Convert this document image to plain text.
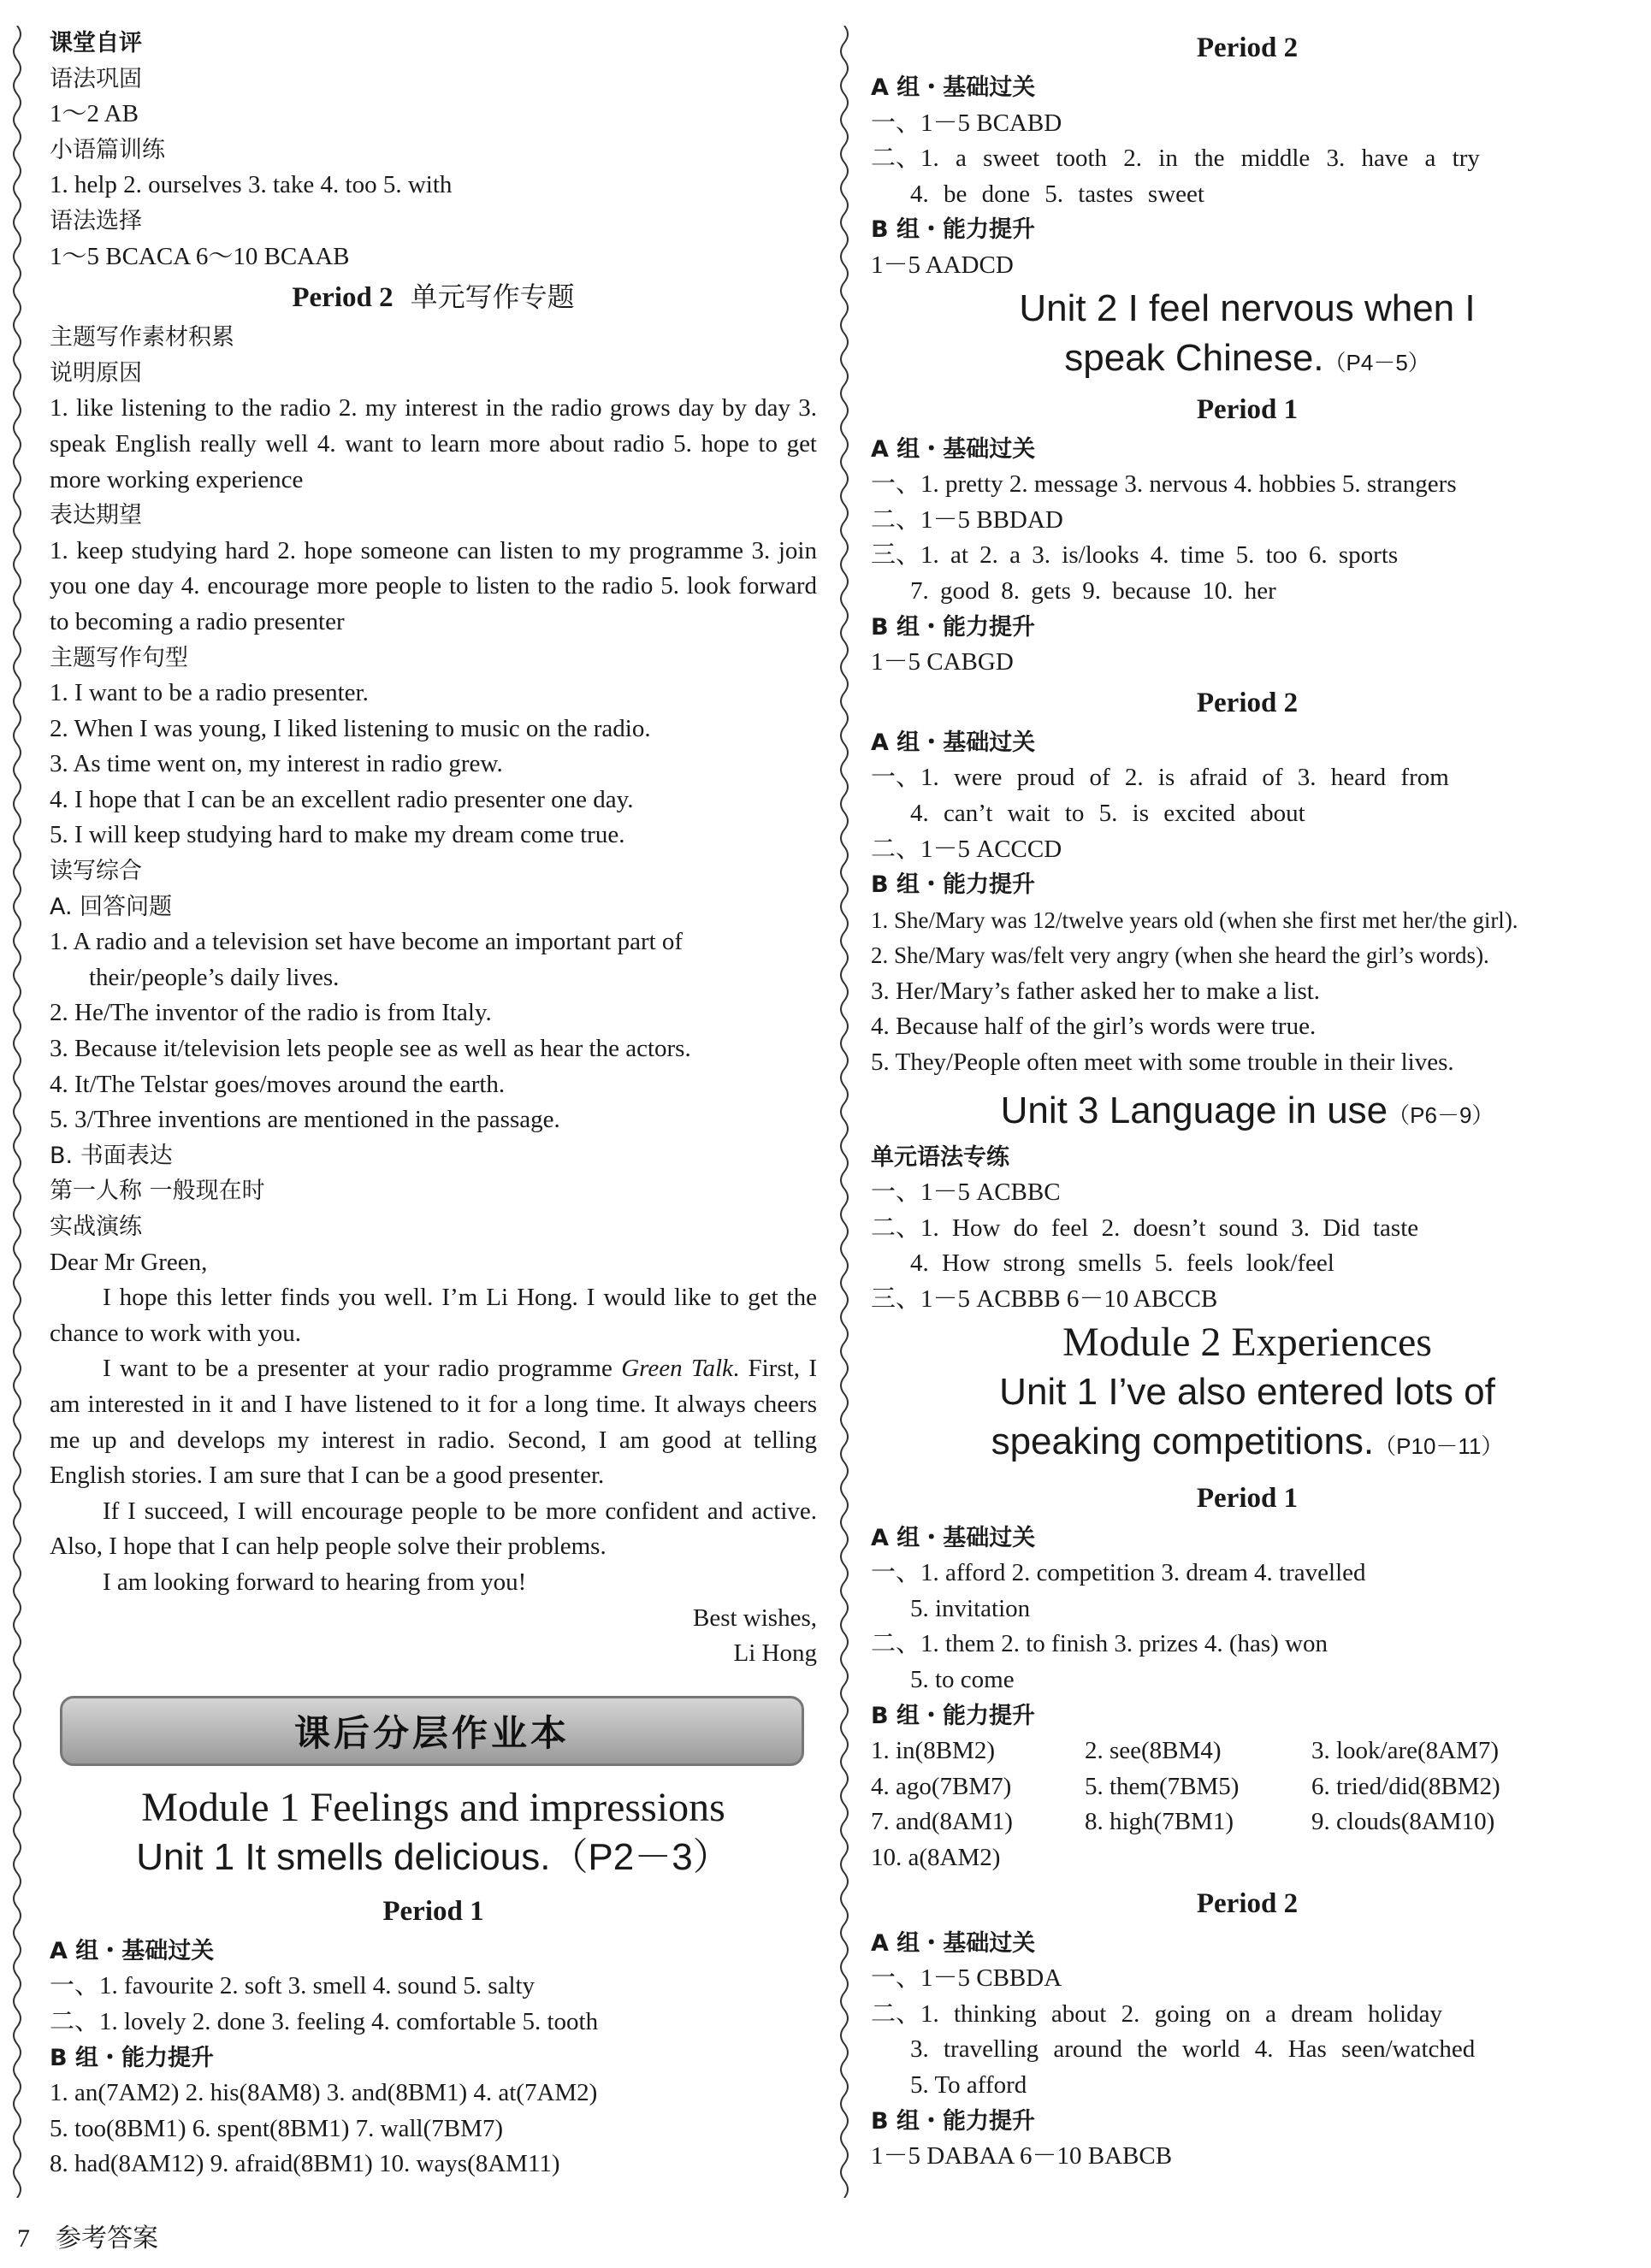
课堂自评
语法巩固
1～2 AB
小语篇训练
1. help 2. ourselves 3. take 4. too 5. with
语法选择
1～5 BCACA 6～10 BCAAB
Period 2 单元写作专题
主题写作素材积累
说明原因
1. like listening to the radio 2. my interest in the radio grows day by day 3. speak English really well 4. want to learn more about radio 5. hope to get more working experience
表达期望
1. keep studying hard 2. hope someone can listen to my programme 3. join you one day 4. encourage more people to listen to the radio 5. look forward to becoming a radio presenter
主题写作句型
1. I want to be a radio presenter.
2. When I was young, I liked listening to music on the radio.
3. As time went on, my interest in radio grew.
4. I hope that I can be an excellent radio presenter one day.
5. I will keep studying hard to make my dream come true.
读写综合
A. 回答问题
1. A radio and a television set have become an important part of
their/people’s daily lives.
2. He/The inventor of the radio is from Italy.
3. Because it/television lets people see as well as hear the actors.
4. It/The Telstar goes/moves around the earth.
5. 3/Three inventions are mentioned in the passage.
B. 书面表达
第一人称 一般现在时
实战演练
Dear Mr Green,
I hope this letter finds you well. I’m Li Hong. I would like to get the chance to work with you.
I want to be a presenter at your radio programme Green Talk. First, I am interested in it and I have listened to it for a long time. It always cheers me up and develops my interest in radio. Second, I am good at telling English stories. I am sure that I can be a good presenter.
If I succeed, I will encourage people to be more confident and active. Also, I hope that I can help people solve their problems.
I am looking forward to hearing from you!
Best wishes,
Li Hong
课后分层作业本
Module 1 Feelings and impressions
Unit 1 It smells delicious.（P2－3）
Period 1
A 组・基础过关
一、1. favourite 2. soft 3. smell 4. sound 5. salty
二、1. lovely 2. done 3. feeling 4. comfortable 5. tooth
B 组・能力提升
1. an(7AM2) 2. his(8AM8) 3. and(8BM1) 4. at(7AM2)
5. too(8BM1) 6. spent(8BM1) 7. wall(7BM7)
8. had(8AM12) 9. afraid(8BM1) 10. ways(8AM11)
Period 2
A 组・基础过关
一、1－5 BCABD
二、1. a sweet tooth 2. in the middle 3. have a try
4. be done 5. tastes sweet
B 组・能力提升
1－5 AADCD
Unit 2 I feel nervous when I
speak Chinese.（P4－5）
Period 1
A 组・基础过关
一、1. pretty 2. message 3. nervous 4. hobbies 5. strangers
二、1－5 BBDAD
三、1. at 2. a 3. is/looks 4. time 5. too 6. sports
7. good 8. gets 9. because 10. her
B 组・能力提升
1－5 CABGD
Period 2
A 组・基础过关
一、1. were proud of 2. is afraid of 3. heard from
4. can’t wait to 5. is excited about
二、1－5 ACCCD
B 组・能力提升
1. She/Mary was 12/twelve years old (when she first met her/the girl).
2. She/Mary was/felt very angry (when she heard the girl’s words).
3. Her/Mary’s father asked her to make a list.
4. Because half of the girl’s words were true.
5. They/People often meet with some trouble in their lives.
Unit 3 Language in use（P6－9）
单元语法专练
一、1－5 ACBBC
二、1. How do feel 2. doesn’t sound 3. Did taste
4. How strong smells 5. feels look/feel
三、1－5 ACBBB 6－10 ABCCB
Module 2 Experiences
Unit 1 I’ve also entered lots of
speaking competitions.（P10－11）
Period 1
A 组・基础过关
一、1. afford 2. competition 3. dream 4. travelled
5. invitation
二、1. them 2. to finish 3. prizes 4. (has) won
5. to come
B 组・能力提升
1. in(8BM2)	2. see(8BM4)	3. look/are(8AM7)
4. ago(7BM7)	5. them(7BM5)	6. tried/did(8BM2)
7. and(8AM1)	8. high(7BM1)	9. clouds(8AM10)
10. a(8AM2)
Period 2
A 组・基础过关
一、1－5 CBBDA
二、1. thinking about 2. going on a dream holiday
3. travelling around the world 4. Has seen/watched
5. To afford
B 组・能力提升
1－5 DABAA 6－10 BABCB
7 参考答案
